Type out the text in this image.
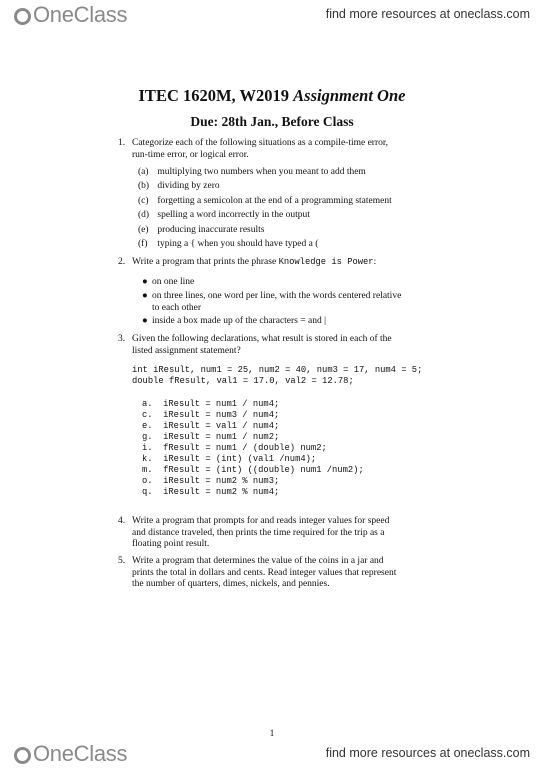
OneClass	find more resources at oneclass.com
ITEC 1620M, W2019 Assignment One
Due: 28th Jan., Before Class
1. Categorize each of the following situations as a compile-time error,
run-time error, or logical error.
(a) multiplying two numbers when you meant to add them
(b) dividing by zero
(c) forgetting a semicolon at the end of a programming statement
(d) spelling a word incorrectly in the output
(e) producing inaccurate results
(f) typing a { when you should have typed a (
2. Write a program that prints the phrase Knowledge is Power:
● on one line
● on three lines, one word per line, with the words centered relative
to each other
● inside a box made up of the characters = and |
3. Given the following declarations, what result is stored in each of the
listed assignment statement?
int iResult, num1 = 25, num2 = 40, num3 = 17, num4 = 5;
double fResult, val1 = 17.0, val2 = 12.78;
a.  iResult = num1 / num4;
c.  iResult = num3 / num4;
e.  iResult = val1 / num4;
g.  iResult = num1 / num2;
i.  fResult = num1 / (double) num2;
k.  iResult = (int) (val1 /num4);
m.  fResult = (int) ((double) num1 /num2);
o.  iResult = num2 % num3;
q.  iResult = num2 % num4;
4. Write a program that prompts for and reads integer values for speed
and distance traveled, then prints the time required for the trip as a
floating point result.
5. Write a program that determines the value of the coins in a jar and
prints the total in dollars and cents. Read integer values that represent
the number of quarters, dimes, nickels, and pennies.
1
OneClass	find more resources at oneclass.com
